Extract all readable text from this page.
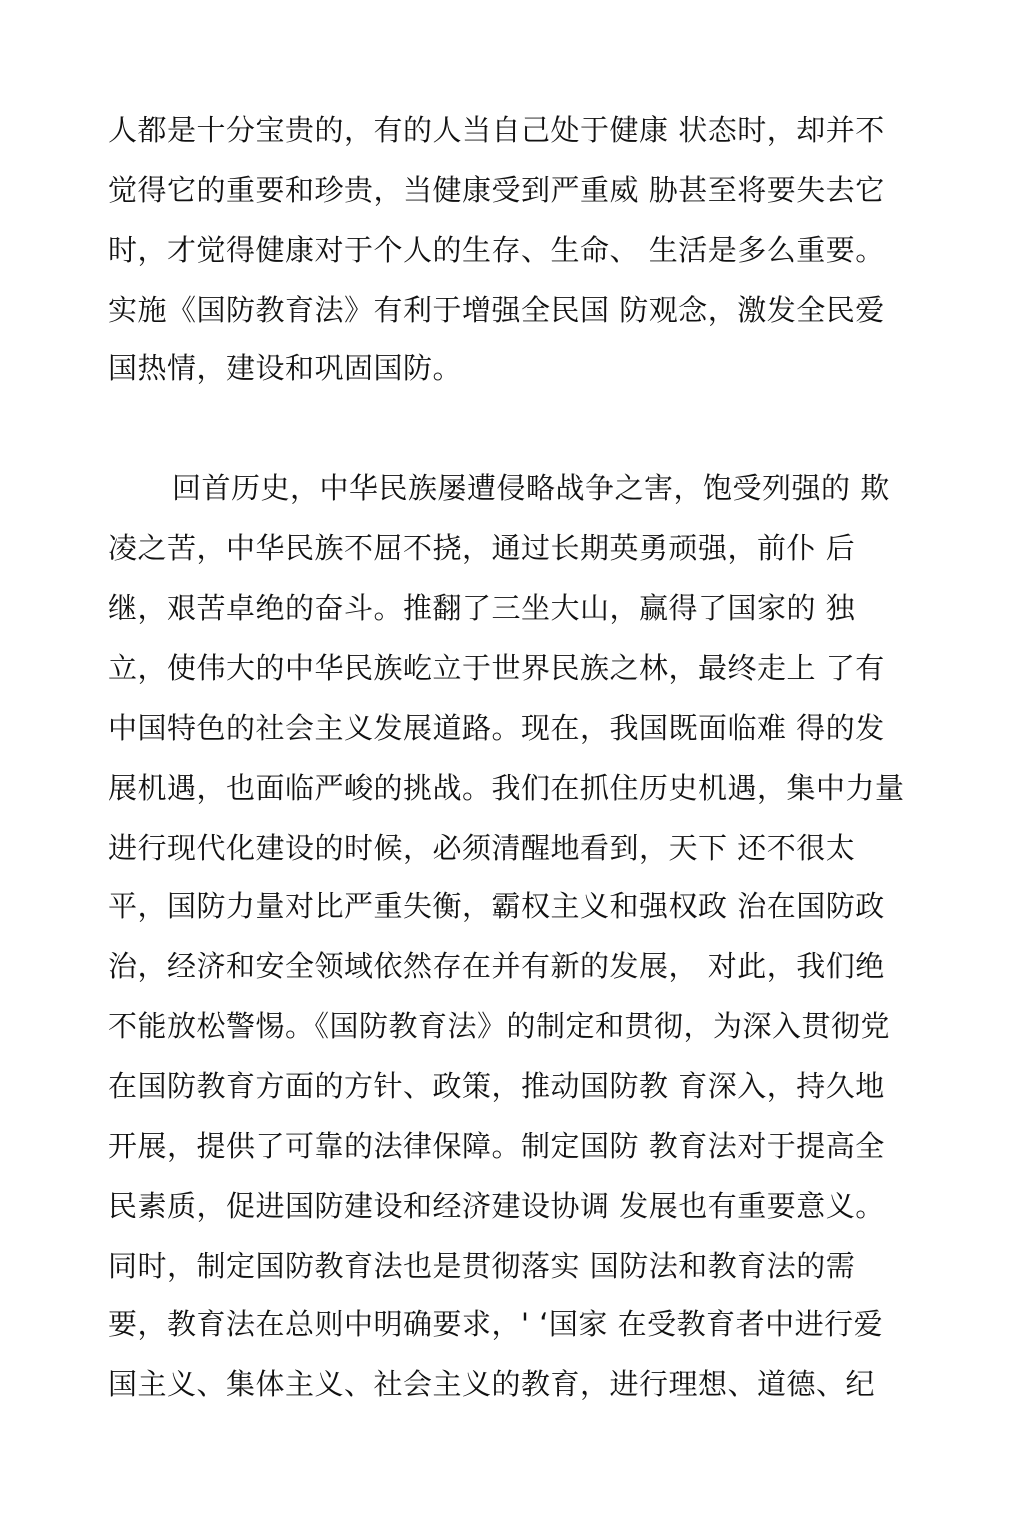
人都是十分宝贵的，有的人当自己处于健康 状态时，却并不

觉得它的重要和珍贵，当健康受到严重威 胁甚至将要失去它

时，才觉得健康对于个人的生存、生命、 生活是多么重要。

实施《国防教育法》有利于增强全民国 防观念，激发全民爱

国热情，建设和巩固国防。

回首历史，中华民族屡遭侵略战争之害，饱受列强的 欺

凌之苦，中华民族不屈不挠，通过长期英勇顽强，前仆 后

继，艰苦卓绝的奋斗。推翻了三坐大山，赢得了国家的 独

立，使伟大的中华民族屹立于世界民族之林，最终走上 了有

中国特色的社会主义发展道路。现在，我国既面临难 得的发

展机遇，也面临严峻的挑战。我们在抓住历史机遇，集中力量

进行现代化建设的时候，必须清醒地看到，天下 还不很太

平，国防力量对比严重失衡，霸权主义和强权政 治在国防政

治，经济和安全领域依然存在并有新的发展， 对此，我们绝

不能放松警惕。《国防教育法》的制定和贯彻，为深入贯彻党

在国防教育方面的方针、政策，推动国防教 育深入，持久地

开展，提供了可靠的法律保障。制定国防 教育法对于提高全

民素质，促进国防建设和经济建设协调 发展也有重要意义。

同时，制定国防教育法也是贯彻落实 国防法和教育法的需

要，教育法在总则中明确要求，' ‘国家 在受教育者中进行爱

国主义、集体主义、社会主义的教育，进行理想、道德、纪
